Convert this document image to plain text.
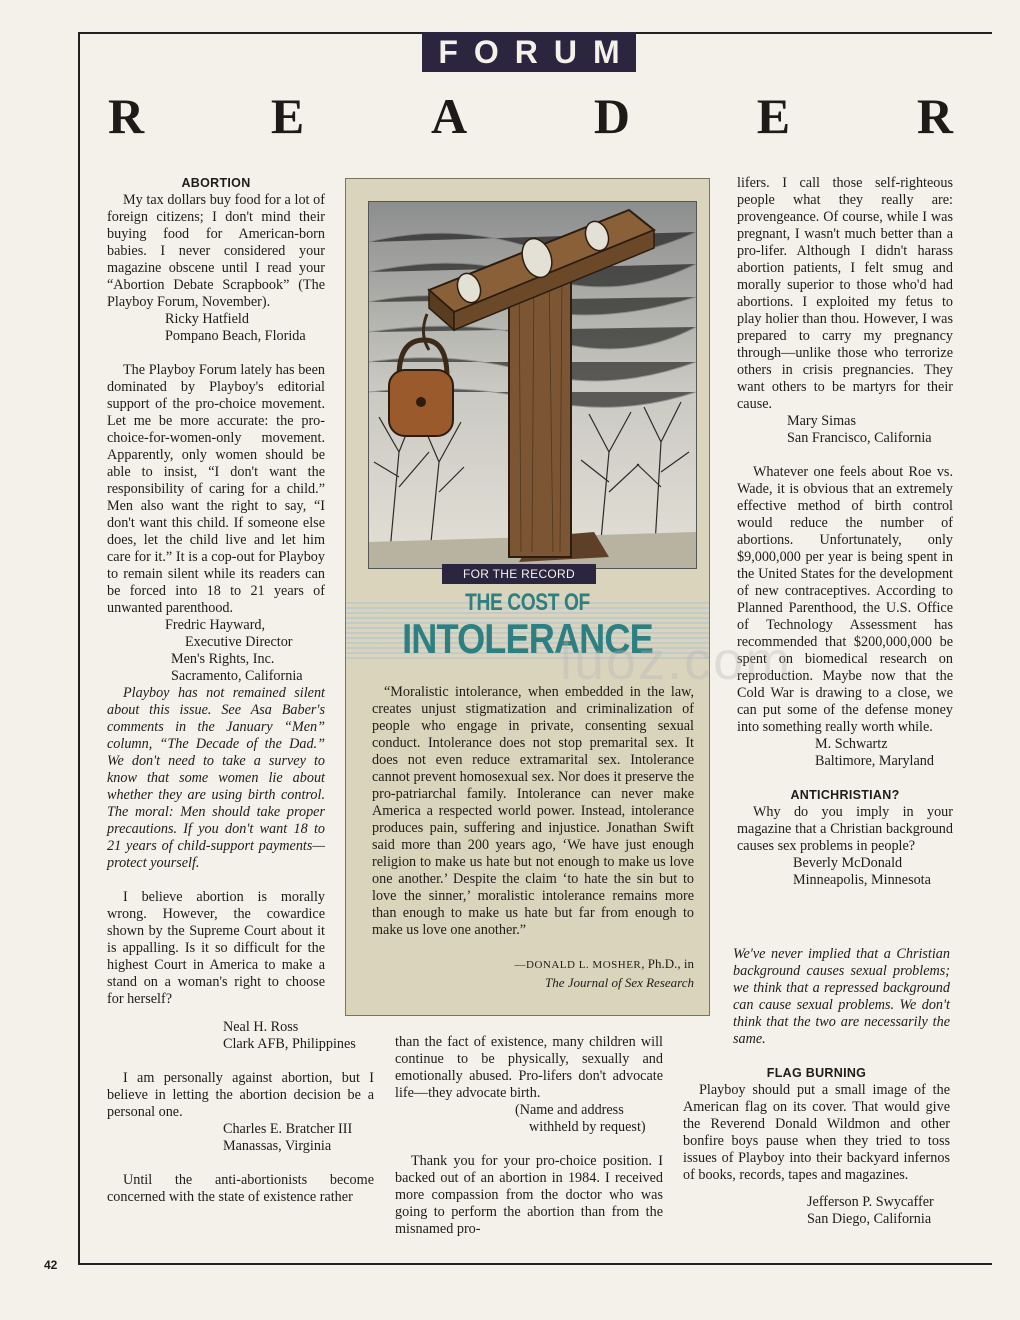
FORUM
R	E	A	D	E	R

ABORTION

My tax dollars buy food for a lot of foreign citizens; I don't mind their buying food for American-born babies. I never considered your magazine obscene until I read your “Abortion Debate Scrapbook” (The Playboy Forum, November).

Ricky Hatfield

Pompano Beach, Florida

The Playboy Forum lately has been dominated by Playboy's editorial support of the pro-choice movement. Let me be more accurate: the pro-choice-for-women-only movement. Apparently, only women should be able to insist, “I don't want the responsibility of caring for a child.” Men also want the right to say, “I don't want this child. If someone else does, let the child live and let him care for it.” It is a cop-out for Playboy to remain silent while its readers can be forced into 18 to 21 years of unwanted parenthood.

Fredric Hayward,

Executive Director

Men's Rights, Inc.

Sacramento, California

Playboy has not remained silent about this issue. See Asa Baber's comments in the January “Men” column, “The Decade of the Dad.” We don't need to take a survey to know that some women lie about whether they are using birth control. The moral: Men should take proper precautions. If you don't want 18 to 21 years of child-support payments—protect yourself.

I believe abortion is morally wrong. However, the cowardice shown by the Supreme Court about it is appalling. Is it so difficult for the highest Court in America to make a stand on a woman's right to choose for herself?

Neal H. Ross

Clark AFB, Philippines

I am personally against abortion, but I believe in letting the abortion decision be a personal one.

Charles E. Bratcher III

Manassas, Virginia

Until the anti-abortionists become concerned with the state of existence rather

FOR THE RECORD
THE COST OF
INTOLERANCE

“Moralistic intolerance, when embedded in the law, creates unjust stigmatization and criminalization of people who engage in private, consenting sexual conduct. Intolerance does not stop premarital sex. It does not even reduce extramarital sex. Intolerance cannot prevent homosexual sex. Nor does it preserve the pro-patriarchal family. Intolerance can never make America a respected world power. Instead, intolerance produces pain, suffering and injustice. Jonathan Swift said more than 200 years ago, ‘We have just enough religion to make us hate but not enough to make us love one another.’ Despite the claim ‘to hate the sin but to love the sinner,’ moralistic intolerance remains more than enough to make us hate but far from enough to make us love one another.”

—DONALD L. MOSHER, Ph.D., in
The Journal of Sex Research

than the fact of existence, many children will continue to be physically, sexually and emotionally abused. Pro-lifers don't advocate life—they advocate birth.

(Name and address

withheld by request)

Thank you for your pro-choice position. I backed out of an abortion in 1984. I received more compassion from the doctor who was going to perform the abortion than from the misnamed pro-

lifers. I call those self-righteous people what they really are: provengeance. Of course, while I was pregnant, I wasn't much better than a pro-lifer. Although I didn't harass abortion patients, I felt smug and morally superior to those who'd had abortions. I exploited my fetus to play holier than thou. However, I was prepared to carry my pregnancy through—unlike those who terrorize others in crisis pregnancies. They want others to be martyrs for their cause.

Mary Simas

San Francisco, California

Whatever one feels about Roe vs. Wade, it is obvious that an extremely effective method of birth control would reduce the number of abortions. Unfortunately, only $9,000,000 per year is being spent in the United States for the development of new contraceptives. According to Planned Parenthood, the U.S. Office of Technology Assessment has recommended that $200,000,000 be spent on biomedical research on reproduction. Maybe now that the Cold War is drawing to a close, we can put some of the defense money into something really worth while.

M. Schwartz

Baltimore, Maryland

ANTICHRISTIAN?

Why do you imply in your magazine that a Christian background causes sex problems in people?

Beverly McDonald

Minneapolis, Minnesota

We've never implied that a Christian background causes sexual problems; we think that a repressed background can cause sexual problems. We don't think that the two are necessarily the same.

FLAG BURNING

Playboy should put a small image of the American flag on its cover. That would give the Reverend Donald Wildmon and other bonfire boys pause when they tried to toss issues of Playboy into their backyard infernos of books, records, tapes and magazines.

Jefferson P. Swycaffer

San Diego, California

luoz.com
42
